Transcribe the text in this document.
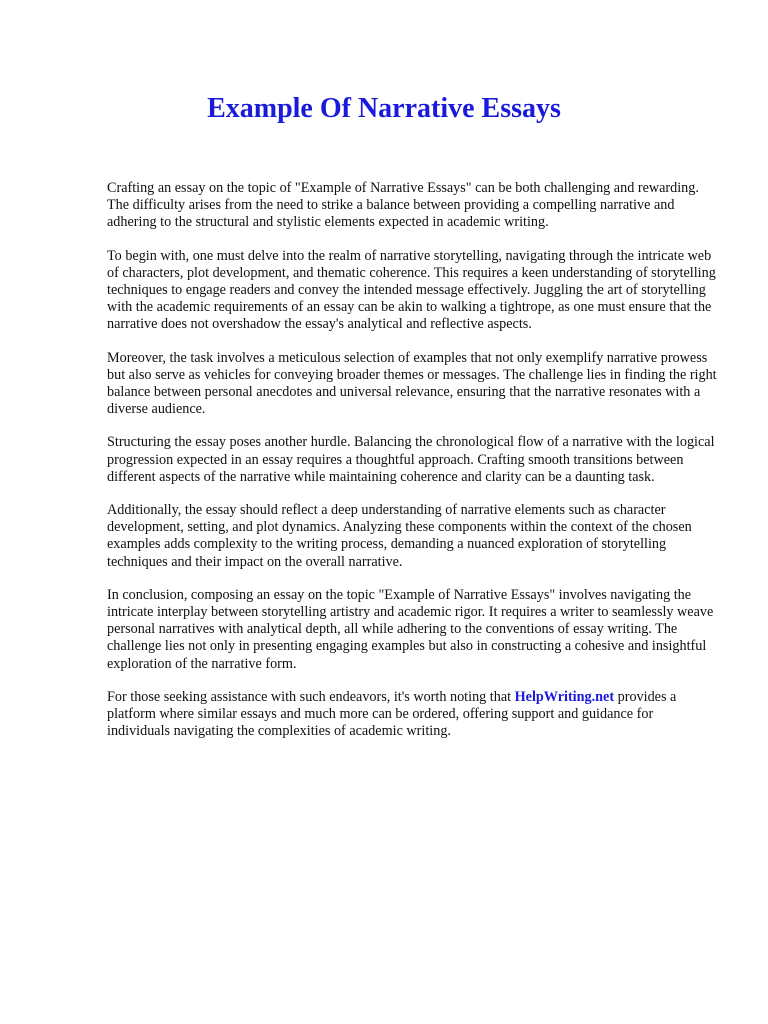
Example Of Narrative Essays

Crafting an essay on the topic of "Example of Narrative Essays" can be both challenging and rewarding. The difficulty arises from the need to strike a balance between providing a compelling narrative and adhering to the structural and stylistic elements expected in academic writing.

To begin with, one must delve into the realm of narrative storytelling, navigating through the intricate web of characters, plot development, and thematic coherence. This requires a keen understanding of storytelling techniques to engage readers and convey the intended message effectively. Juggling the art of storytelling with the academic requirements of an essay can be akin to walking a tightrope, as one must ensure that the narrative does not overshadow the essay's analytical and reflective aspects.

Moreover, the task involves a meticulous selection of examples that not only exemplify narrative prowess but also serve as vehicles for conveying broader themes or messages. The challenge lies in finding the right balance between personal anecdotes and universal relevance, ensuring that the narrative resonates with a diverse audience.

Structuring the essay poses another hurdle. Balancing the chronological flow of a narrative with the logical progression expected in an essay requires a thoughtful approach. Crafting smooth transitions between different aspects of the narrative while maintaining coherence and clarity can be a daunting task.

Additionally, the essay should reflect a deep understanding of narrative elements such as character development, setting, and plot dynamics. Analyzing these components within the context of the chosen examples adds complexity to the writing process, demanding a nuanced exploration of storytelling techniques and their impact on the overall narrative.

In conclusion, composing an essay on the topic "Example of Narrative Essays" involves navigating the intricate interplay between storytelling artistry and academic rigor. It requires a writer to seamlessly weave personal narratives with analytical depth, all while adhering to the conventions of essay writing. The challenge lies not only in presenting engaging examples but also in constructing a cohesive and insightful exploration of the narrative form.

For those seeking assistance with such endeavors, it's worth noting that HelpWriting.net provides a platform where similar essays and much more can be ordered, offering support and guidance for individuals navigating the complexities of academic writing.
